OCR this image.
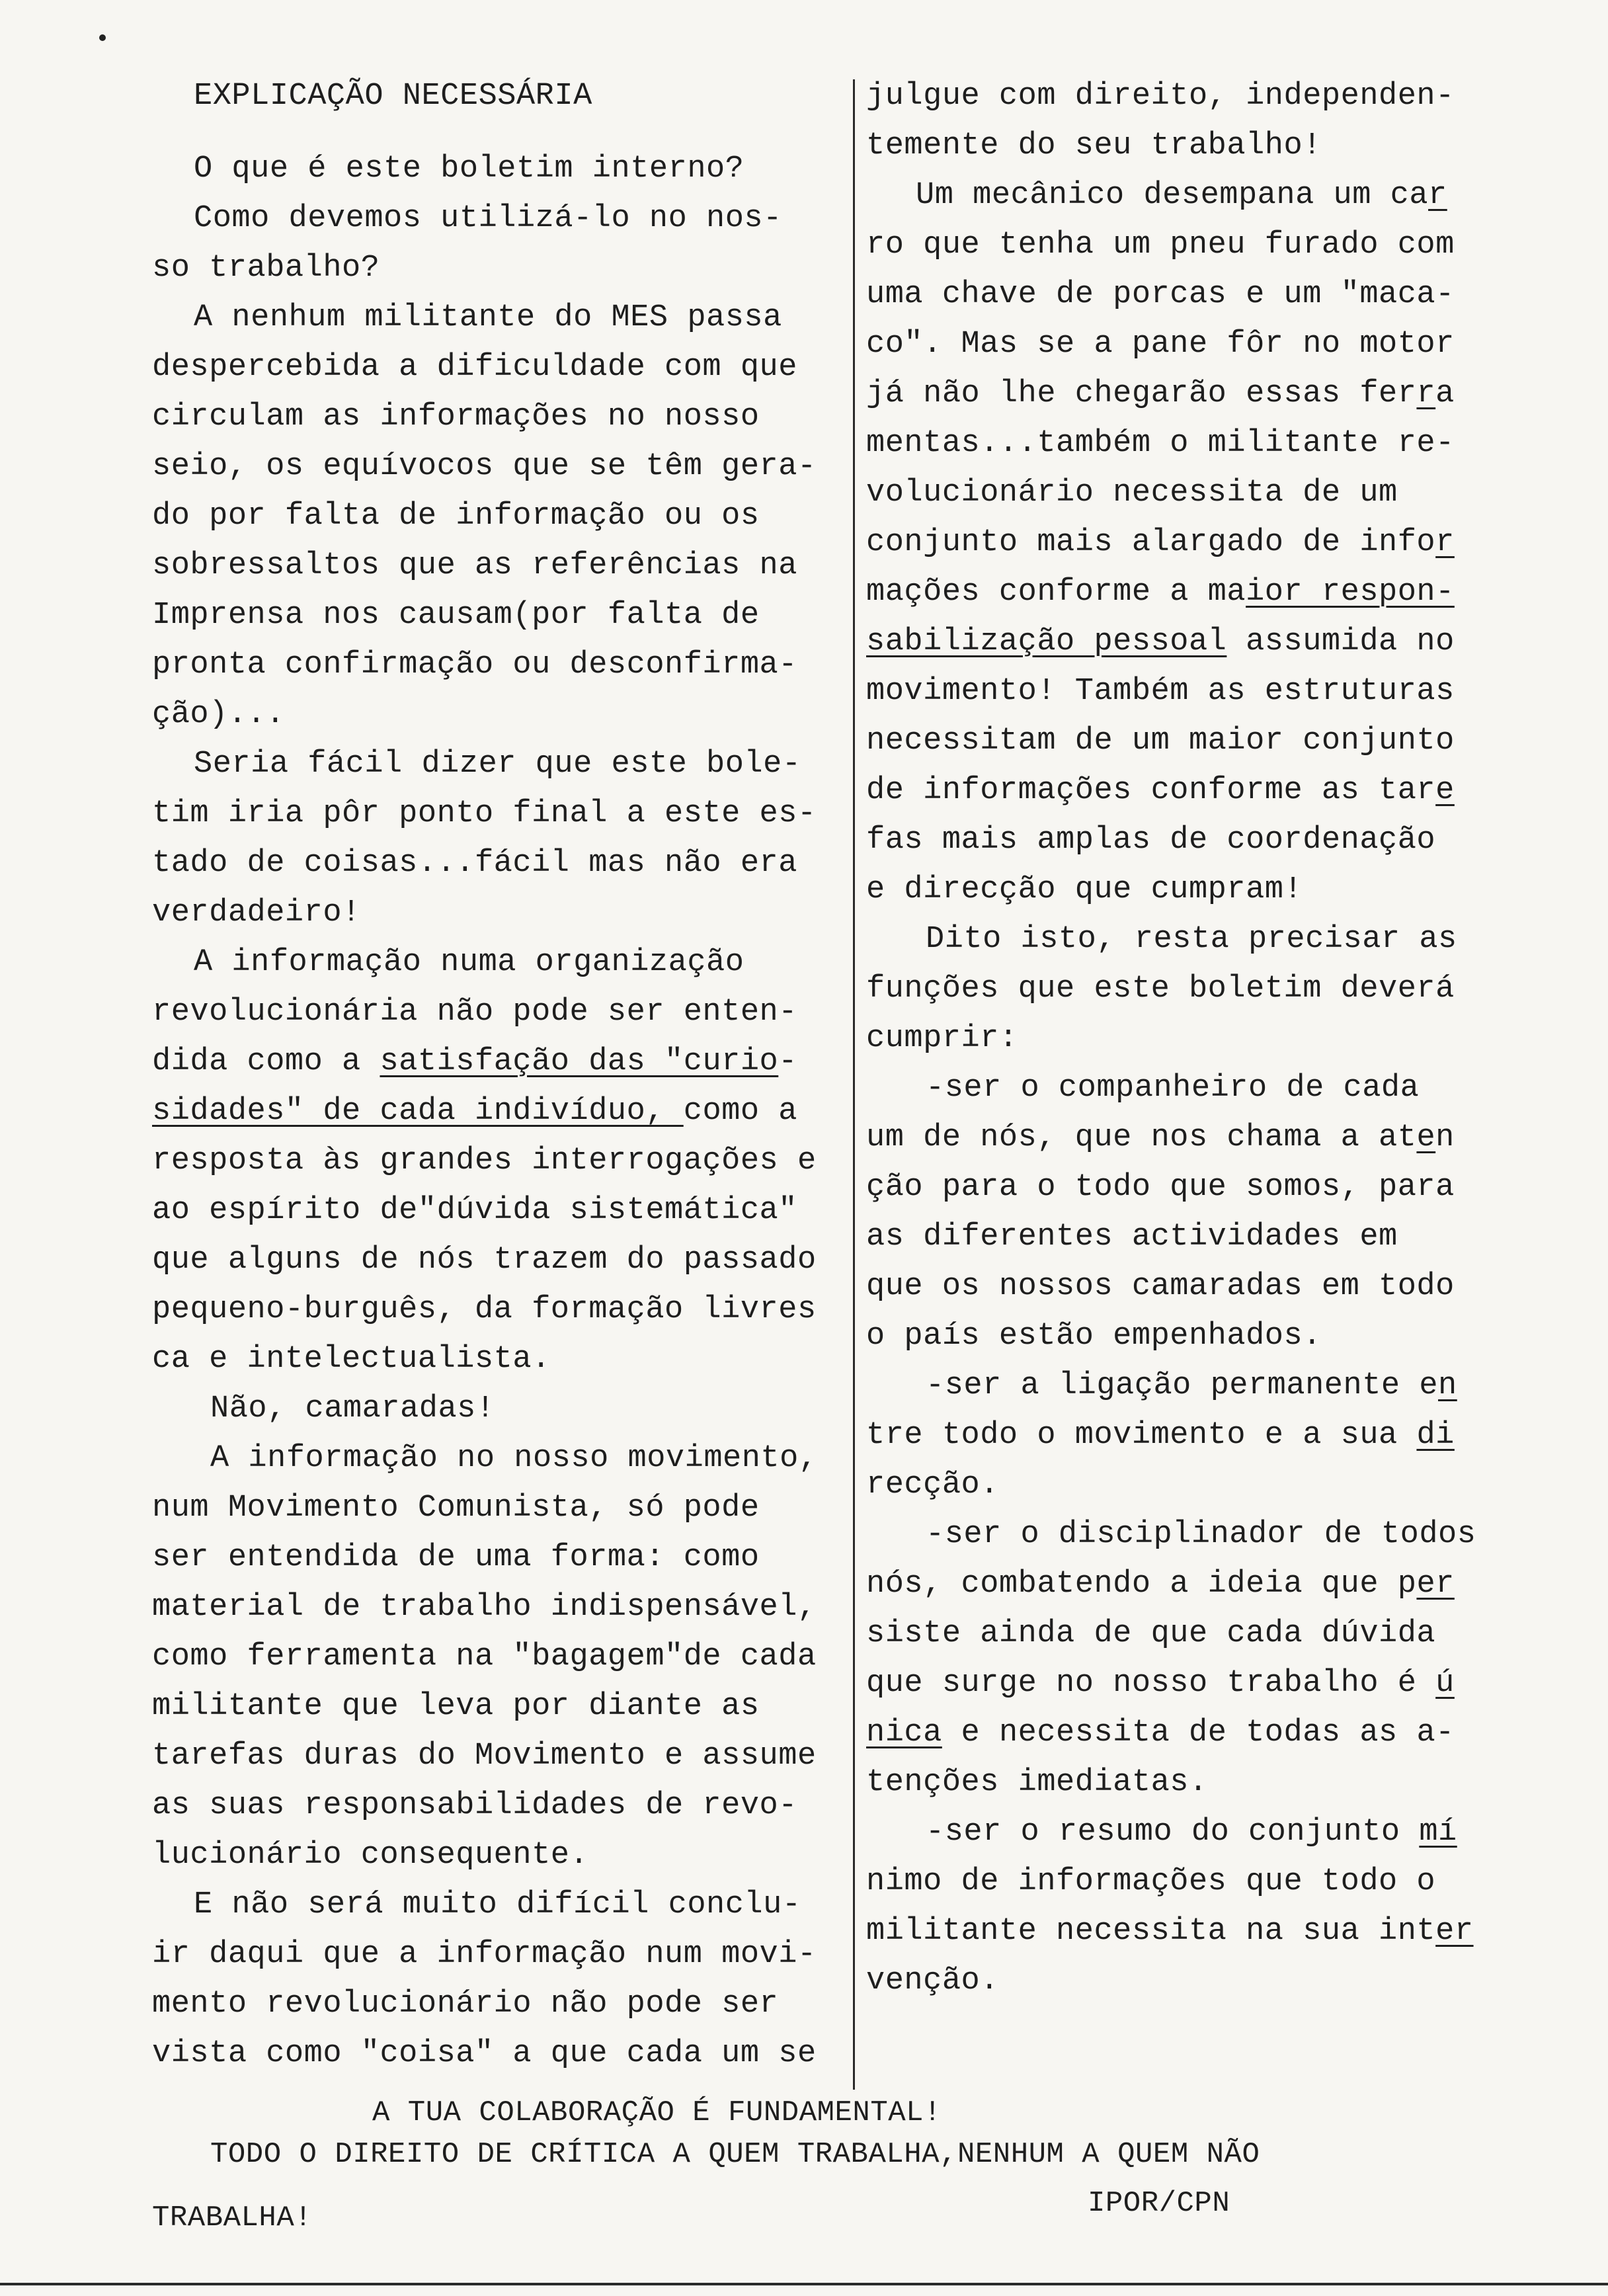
EXPLICAÇÃO NECESSÁRIA
O que é este boletim interno?
Como devemos utilizá-lo no nos-
so trabalho?
A nenhum militante do MES passa
despercebida a dificuldade com que
circulam as informações no nosso
seio, os equívocos que se têm gera-
do por falta de informação ou os
sobressaltos que as referências na
Imprensa nos causam(por falta de
pronta confirmação ou desconfirma-
ção)...
Seria fácil dizer que este bole-
tim iria pôr ponto final a este es-
tado de coisas...fácil mas não era
verdadeiro!
A informação numa organização
revolucionária não pode ser enten-
dida como a satisfação das "curio-
sidades" de cada indivíduo, como a
resposta às grandes interrogações e
ao espírito de"dúvida sistemática"
que alguns de nós trazem do passado
pequeno-burguês, da formação livres
ca e intelectualista.
Não, camaradas!
A informação no nosso movimento,
num Movimento Comunista, só pode
ser entendida de uma forma: como
material de trabalho indispensável,
como ferramenta na "bagagem"de cada
militante que leva por diante as
tarefas duras do Movimento e assume
as suas responsabilidades de revo-
lucionário consequente.
E não será muito difícil conclu-
ir daqui que a informação num movi-
mento revolucionário não pode ser
vista como "coisa" a que cada um se
julgue com direito, independen-
temente do seu trabalho!
Um mecânico desempana um car
ro que tenha um pneu furado com
uma chave de porcas e um "maca-
co". Mas se a pane fôr no motor
já não lhe chegarão essas ferra
mentas...também o militante re-
volucionário necessita de um
conjunto mais alargado de infor
mações conforme a maior respon-
sabilização pessoal assumida no
movimento! Também as estruturas
necessitam de um maior conjunto
de informações conforme as tare
fas mais amplas de coordenação
e direcção que cumpram!
Dito isto, resta precisar as
funções que este boletim deverá
cumprir:
-ser o companheiro de cada
um de nós, que nos chama a aten
ção para o todo que somos, para
as diferentes actividades em
que os nossos camaradas em todo
o país estão empenhados.
-ser a ligação permanente en
tre todo o movimento e a sua di
recção.
-ser o disciplinador de todos
nós, combatendo a ideia que per
siste ainda de que cada dúvida
que surge no nosso trabalho é ú
nica e necessita de todas as a-
tenções imediatas.
-ser o resumo do conjunto mí
nimo de informações que todo o
militante necessita na sua inter
venção.
A TUA COLABORAÇÃO É FUNDAMENTAL!
TODO O DIREITO DE CRÍTICA A QUEM TRABALHA,NENHUM A QUEM NÃO
TRABALHA!	IPOR/CPN
